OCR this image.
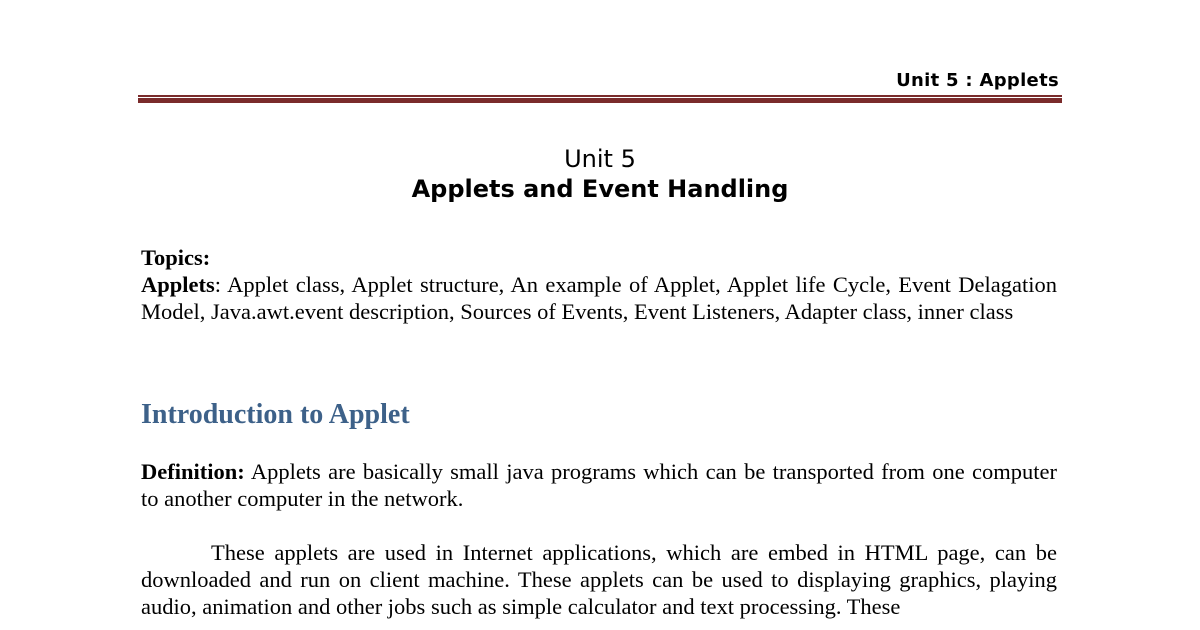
Unit 5 : Applets
Unit 5
Applets and Event Handling
Topics:
Applets: Applet class, Applet structure, An example of Applet, Applet life Cycle, Event Delagation Model, Java.awt.event description, Sources of Events, Event Listeners, Adapter class, inner class
Introduction to Applet
Definition: Applets are basically small java programs which can be transported from one computer to another computer in the network.
These applets are used in Internet applications, which are embed in HTML page, can be downloaded and run on client machine. These applets can be used to displaying graphics, playing audio, animation and other jobs such as simple calculator and text processing. These
